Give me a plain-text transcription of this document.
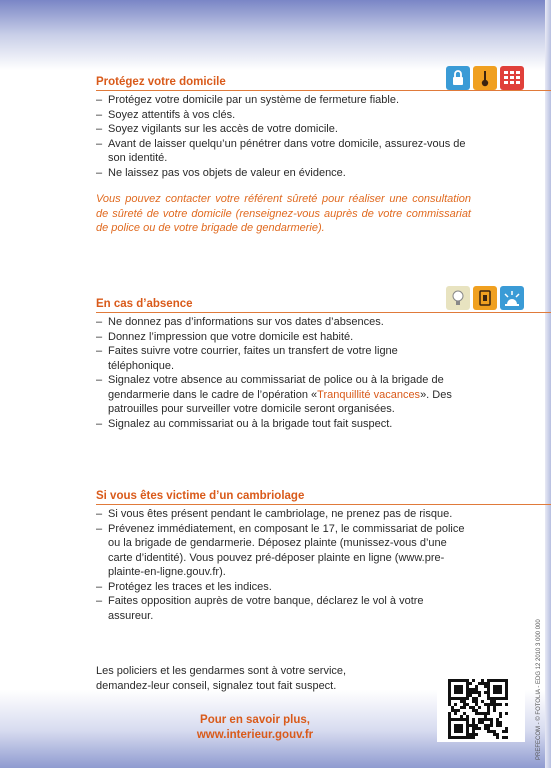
Protégez votre domicile
– Protégez votre domicile par un système de fermeture fiable.
– Soyez attentifs à vos clés.
– Soyez vigilants sur les accès de votre domicile.
– Avant de laisser quelqu’un pénétrer dans votre domicile, assurez-vous de son identité.
– Ne laissez pas vos objets de valeur en évidence.
Vous pouvez contacter votre référent sûreté pour réaliser une consultation de sûreté de votre domicile (renseignez-vous auprès de votre commissariat de police ou de votre brigade de gendarmerie).
En cas d’absence
– Ne donnez pas d’informations sur vos dates d’absences.
– Donnez l’impression que votre domicile est habité.
– Faites suivre votre courrier, faites un transfert de votre ligne téléphonique.
– Signalez votre absence au commissariat de police ou à la brigade de gendarmerie dans le cadre de l’opération «Tranquillité vacances». Des patrouilles pour surveiller votre domicile seront organisées.
– Signalez au commissariat ou à la brigade tout fait suspect.
Si vous êtes victime d’un cambriolage
– Si vous êtes présent pendant le cambriolage, ne prenez pas de risque.
– Prévenez immédiatement, en composant le 17, le commissariat de police ou la brigade de gendarmerie. Déposez plainte (munissez-vous d’une carte d’identité). Vous pouvez pré-déposer plainte en ligne (www.pre-plainte-en-ligne.gouv.fr).
– Protégez les traces et les indices.
– Faites opposition auprès de votre banque, déclarez le vol à votre assureur.
Les policiers et les gendarmes sont à votre service, demandez-leur conseil, signalez tout fait suspect.
Pour en savoir plus,
www.interieur.gouv.fr	PREFECOM - © FOTOLIA - EDG 12 2010 3 000 000
